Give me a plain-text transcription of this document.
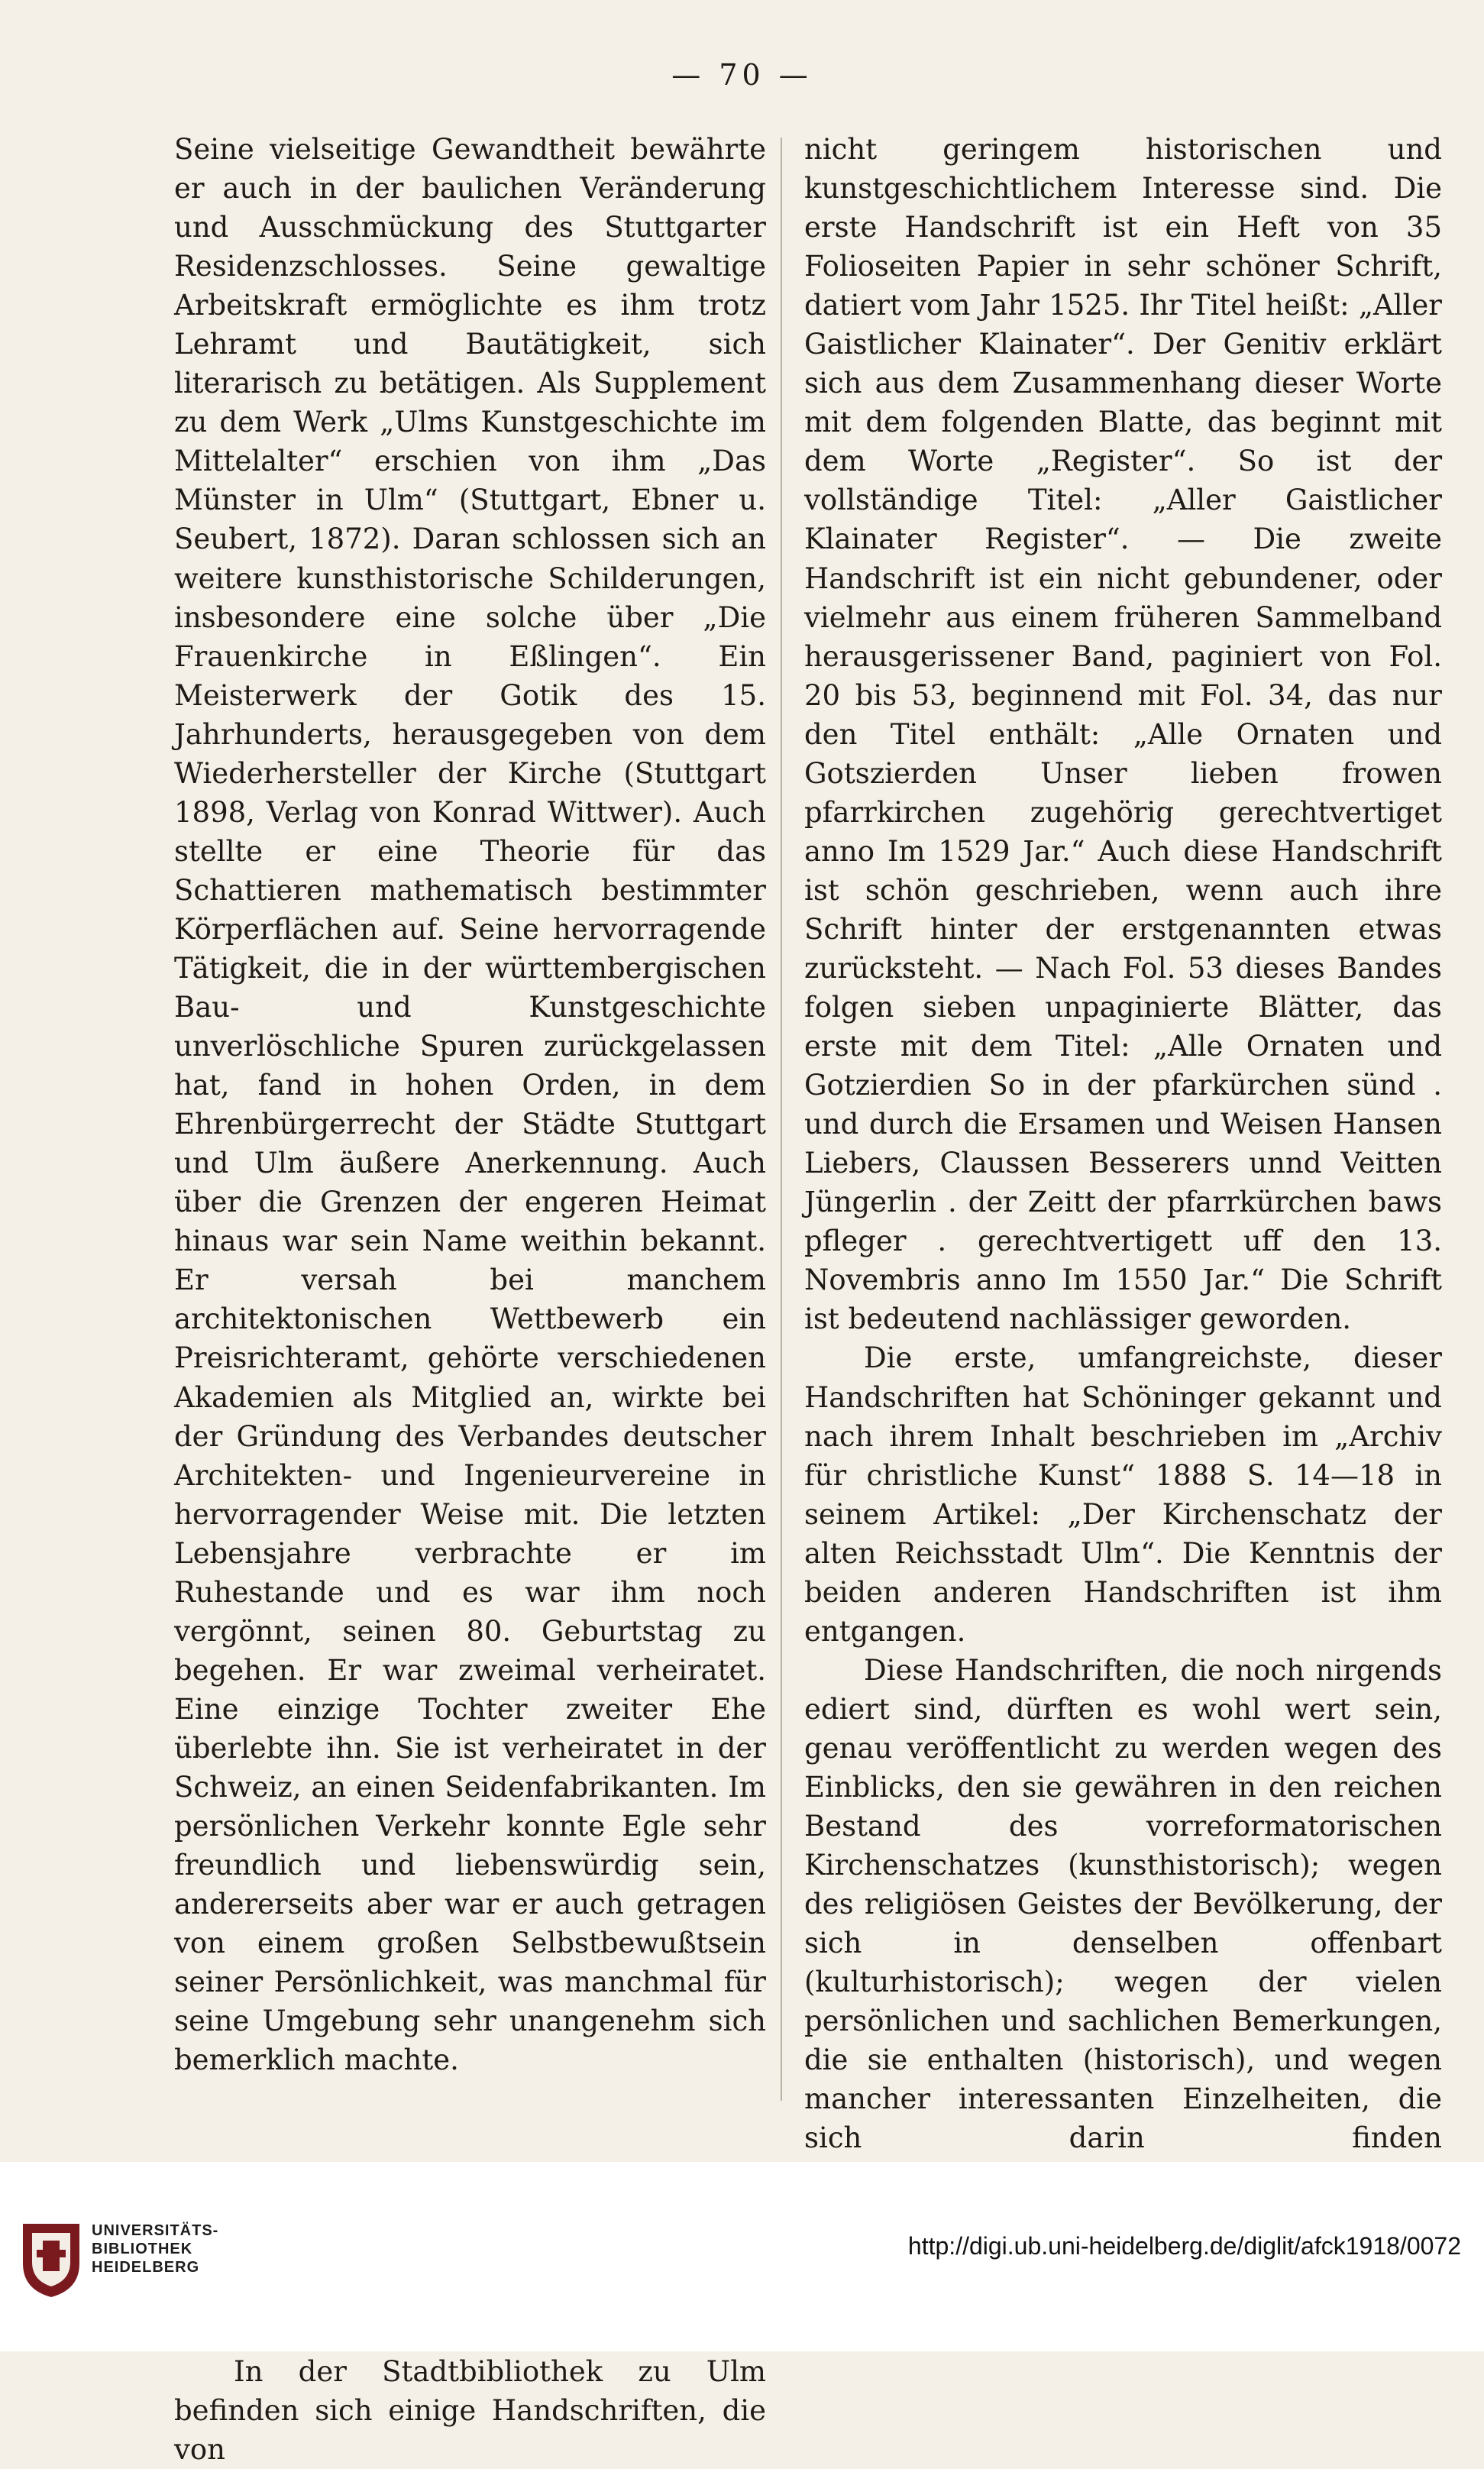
— 70 —

Seine vielseitige Gewandtheit bewährte er auch in der baulichen Veränderung und Ausschmückung des Stuttgarter Residenzschlosses. Seine gewaltige Arbeitskraft ermöglichte es ihm trotz Lehramt und Bautätigkeit, sich literarisch zu betätigen. Als Supplement zu dem Werk „Ulms Kunstgeschichte im Mittelalter“ erschien von ihm „Das Münster in Ulm“ (Stuttgart, Ebner u. Seubert, 1872). Daran schlossen sich an weitere kunsthistorische Schilderungen, insbesondere eine solche über „Die Frauenkirche in Eßlingen“. Ein Meisterwerk der Gotik des 15. Jahrhunderts, herausgegeben von dem Wiederhersteller der Kirche (Stuttgart 1898, Verlag von Konrad Wittwer). Auch stellte er eine Theorie für das Schattieren mathematisch bestimmter Körperflächen auf. Seine hervorragende Tätigkeit, die in der württembergischen Bau- und Kunstgeschichte unverlöschliche Spuren zurückgelassen hat, fand in hohen Orden, in dem Ehrenbürgerrecht der Städte Stuttgart und Ulm äußere Anerkennung. Auch über die Grenzen der engeren Heimat hinaus war sein Name weithin bekannt. Er versah bei manchem architektonischen Wettbewerb ein Preisrichteramt, gehörte verschiedenen Akademien als Mitglied an, wirkte bei der Gründung des Verbandes deutscher Architekten- und Ingenieurvereine in hervorragender Weise mit. Die letzten Lebensjahre verbrachte er im Ruhestande und es war ihm noch vergönnt, seinen 80. Geburtstag zu begehen. Er war zweimal verheiratet. Eine einzige Tochter zweiter Ehe überlebte ihn. Sie ist verheiratet in der Schweiz, an einen Seidenfabrikanten. Im persönlichen Verkehr konnte Egle sehr freundlich und liebenswürdig sein, andererseits aber war er auch getragen von einem großen Selbstbewußtsein seiner Persönlichkeit, was manchmal für seine Umgebung sehr unangenehm sich bemerklich machte.

In der Stadtbibliothek zu Ulm befinden sich einige Handschriften, die von

nicht geringem historischen und kunstgeschichtlichem Interesse sind. Die erste Handschrift ist ein Heft von 35 Folioseiten Papier in sehr schöner Schrift, datiert vom Jahr 1525. Ihr Titel heißt: „Aller Gaistlicher Klainater“. Der Genitiv erklärt sich aus dem Zusammenhang dieser Worte mit dem folgenden Blatte, das beginnt mit dem Worte „Register“. So ist der vollständige Titel: „Aller Gaistlicher Klainater Register“. — Die zweite Handschrift ist ein nicht gebundener, oder vielmehr aus einem früheren Sammelband herausgerissener Band, paginiert von Fol. 20 bis 53, beginnend mit Fol. 34, das nur den Titel enthält: „Alle Ornaten und Gotszierden Unser lieben frowen pfarrkirchen zugehörig gerechtvertiget anno Im 1529 Jar.“ Auch diese Handschrift ist schön geschrieben, wenn auch ihre Schrift hinter der erstgenannten etwas zurücksteht. — Nach Fol. 53 dieses Bandes folgen sieben unpaginierte Blätter, das erste mit dem Titel: „Alle Ornaten und Gotzierdien So in der pfarkürchen sünd . und durch die Ersamen und Weisen Hansen Liebers, Claussen Besserers unnd Veitten Jüngerlin . der Zeitt der pfarrkürchen baws pfleger . gerechtvertigett uff den 13. Novembris anno Im 1550 Jar.“ Die Schrift ist bedeutend nachlässiger geworden.

Die erste, umfangreichste, dieser Handschriften hat Schöninger gekannt und nach ihrem Inhalt beschrieben im „Archiv für christliche Kunst“ 1888 S. 14—18 in seinem Artikel: „Der Kirchenschatz der alten Reichsstadt Ulm“. Die Kenntnis der beiden anderen Handschriften ist ihm entgangen.

Diese Handschriften, die noch nirgends ediert sind, dürften es wohl wert sein, genau veröffentlicht zu werden wegen des Einblicks, den sie gewähren in den reichen Bestand des vorreformatorischen Kirchenschatzes (kunsthistorisch); wegen des religiösen Geistes der Bevölkerung, der sich in denselben offenbart (kulturhistorisch); wegen der vielen persönlichen und sachlichen Bemerkungen, die sie enthalten (historisch), und wegen mancher interessanten Einzelheiten, die sich darin finden

UNIVERSITÄTS-
BIBLIOTHEK
HEIDELBERG
http://digi.ub.uni-heidelberg.de/diglit/afck1918/0072
